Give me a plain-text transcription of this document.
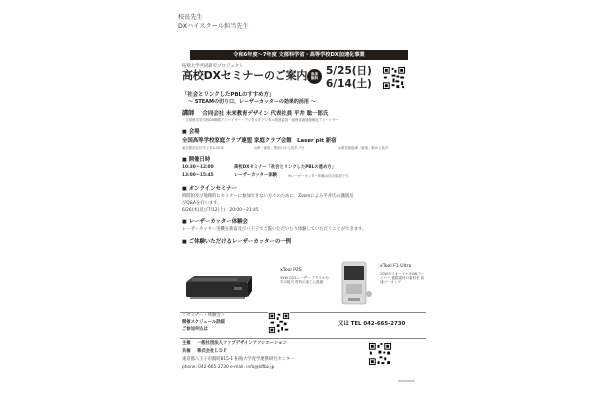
校長先生
DXハイスクール担当先生
令和6年度〜7年度 文部科学省・高等学校DX加速化事業
拓殖大学共同研究プロジェクト
高校DXセミナーのご案内 参加
無料
5/25(日)
6/14(土)
「社会とリンクしたPBLのすすめ方」
〜 STEAMの切り口、レーザーカッターの効果的活用 〜
講師 合同会社 未来教育デザイン 代表社員 平井 聡一郎氏
・文部科学省学校DX戦略アドバイザー・デジタル庁デジタル推進委員・総務省地域情報化アドバイザー
■ 会場
全国高等学校家庭クラブ連盟 家庭クラブ会館　Laser pit 新宿
東京都渋谷区代々木3-20-6	◎JR「新宿」駅南口から徒歩 7分	◎都営新宿線「新宿」駅から徒歩
■ 開催日時
10:30〜12:00	高校DXセミナー「社会とリンクしたPBLの進め方」
13:00〜15:45	レーザーカッター体験	※レーザーカッター体験は自由参加です。
■ オンラインセミナー
時間的及び地理的にセミナーに参加できない方々のために、Zoomによる平井氏の講演及
びQ&Aを行います。
6/26(木)及び7/12(土)　20:00〜21:45
■ レーザーカッター体験会
レーザーカッター実機を新宿及び八王子でご覧いただいたり体験していただくことができます。
■ ご体験いただけるレーザーカッターの一例
xTool P2S
55W CO2レーザー アクリルや木の板尺 材料の加工に最適
xTool F1 Ultra
20Wダイオード+ 20Wファイバー 複数素材の素材を 高速マーキング
＜セミナー・体験会＞
開催スケジュール詳細
ご参加申込は
又は TEL 042-665-2730
主催 一般社団法人ファブデザインアソシエーション
共催 株式会社ＬＤＦ
東京都八王子市館町815-1 拓殖大学産学連携研究センター
phone: 042-665-2730 e-mail: info@ldfbz.jp
DM250508
